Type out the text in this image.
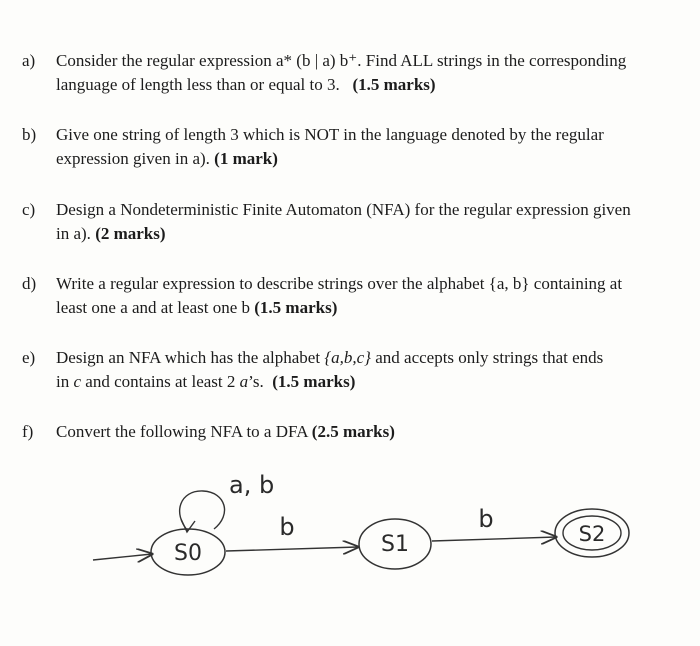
a)	Consider the regular expression a* (b | a) b⁺. Find ALL strings in the corresponding
language of length less than or equal to 3. (1.5 marks)
b)	Give one string of length 3 which is NOT in the language denoted by the regular
expression given in a). (1 mark)
c)	Design a Nondeterministic Finite Automaton (NFA) for the regular expression given
in a). (2 marks)
d)	Write a regular expression to describe strings over the alphabet {a, b} containing at
least one a and at least one b (1.5 marks)
e)	Design an NFA which has the alphabet {a,b,c} and accepts only strings that ends
in c and contains at least 2 a’s. (1.5 marks)
f)	Convert the following NFA to a DFA (2.5 marks)
a, b
S0
b
S1
b
S2
